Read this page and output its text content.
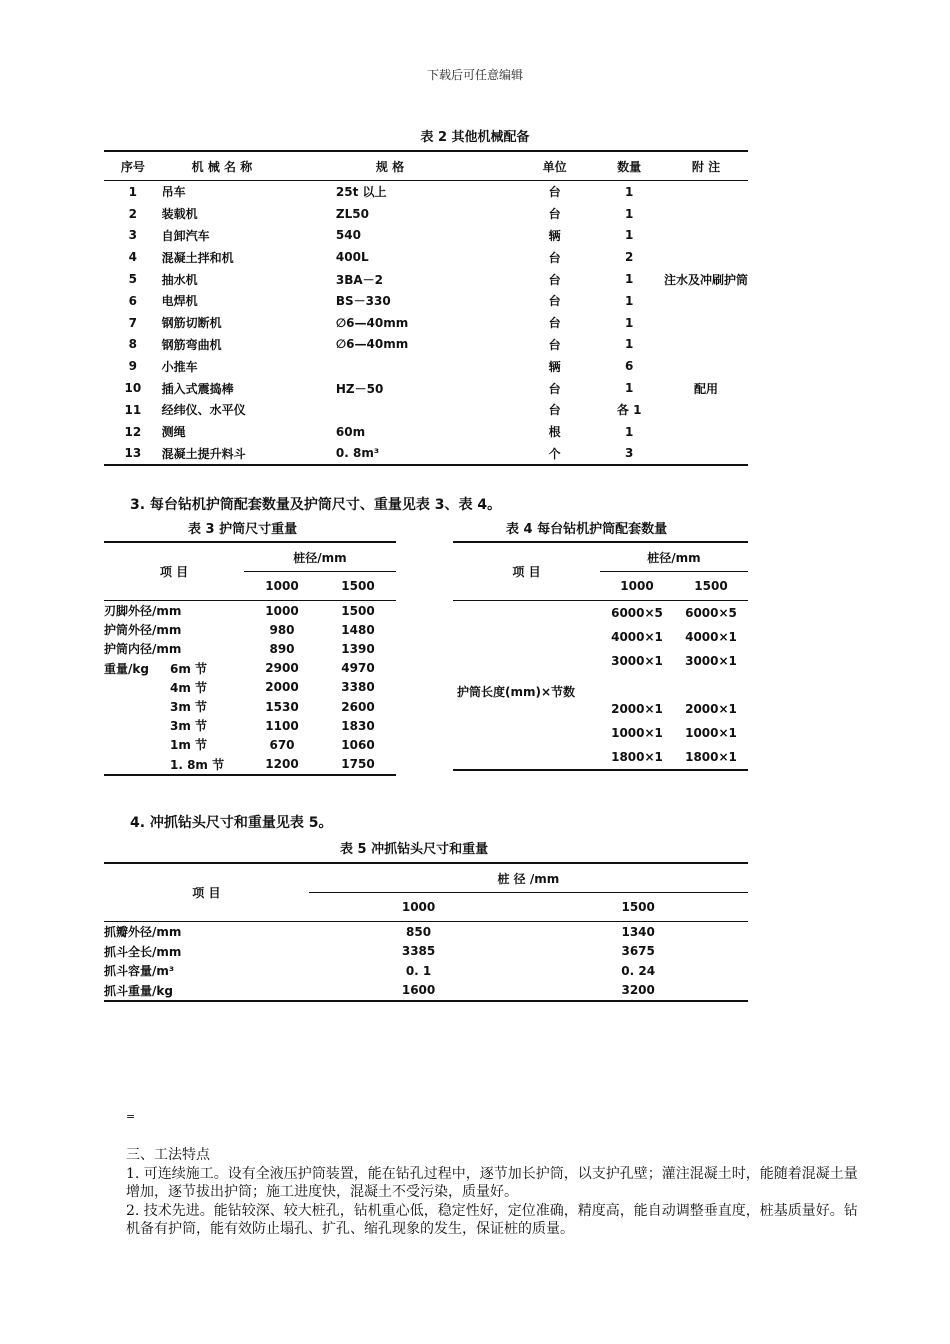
下载后可任意编辑
表 2 其他机械配备
序号	机 械 名 称	规 格	单位	数量	附 注
1	吊车	25t 以上	台	1	
2	装载机	ZL50	台	1	
3	自卸汽车	540	辆	1	
4	混凝土拌和机	400L	台	2	
5	抽水机	3BA－2	台	1	注水及冲刷护筒
6	电焊机	BS－330	台	1	
7	钢筋切断机	∅6—40mm	台	1	
8	钢筋弯曲机	∅6—40mm	台	1	
9	小推车		辆	6	
10	插入式震捣棒	HZ－50	台	1	配用
11	经纬仪、水平仪		台	各 1	
12	测绳	60m	根	1	
13	混凝土提升料斗	0. 8m³	个	3	
3. 每台钻机护筒配套数量及护筒尺寸、重量见表 3、表 4。
表 3 护筒尺寸重量	表 4 每台钻机护筒配套数量
项 目	桩径/mm	
	1000	1500
刃脚外径/mm	1000	1500
护筒外径/mm	980	1480
护筒内径/mm	890	1390
重量/kg 6m 节	2900	4970
4m 节	2000	3380
3m 节	1530	2600
3m 节	1100	1830
1m 节	670	1060
1. 8m 节	1200	1750
项 目	桩径/mm	
	1000	1500
护筒长度(mm)×节数	6000×5	6000×5
	4000×1	4000×1
	3000×1	3000×1

	2000×1	2000×1
	1000×1	1000×1
	1800×1	1800×1
4. 冲抓钻头尺寸和重量见表 5。
表 5 冲抓钻头尺寸和重量
项 目	桩 径 /mm	
	1000	1500
抓瓣外径/mm	850	1340
抓斗全长/mm	3385	3675
抓斗容量/m³	0. 1	0. 24
抓斗重量/kg	1600	3200
=
三、工法特点
1. 可连续施工。设有全液压护筒装置，能在钻孔过程中，逐节加长护筒，以支护孔壁；灌注混凝土时，能随着混凝土量增加，逐节拔出护筒；施工进度快，混凝土不受污染，质量好。
2. 技术先进。能钻较深、较大桩孔，钻机重心低，稳定性好，定位准确，精度高，能自动调整垂直度，桩基质量好。钻机备有护筒，能有效防止塌孔、扩孔、缩孔现象的发生，保证桩的质量。
